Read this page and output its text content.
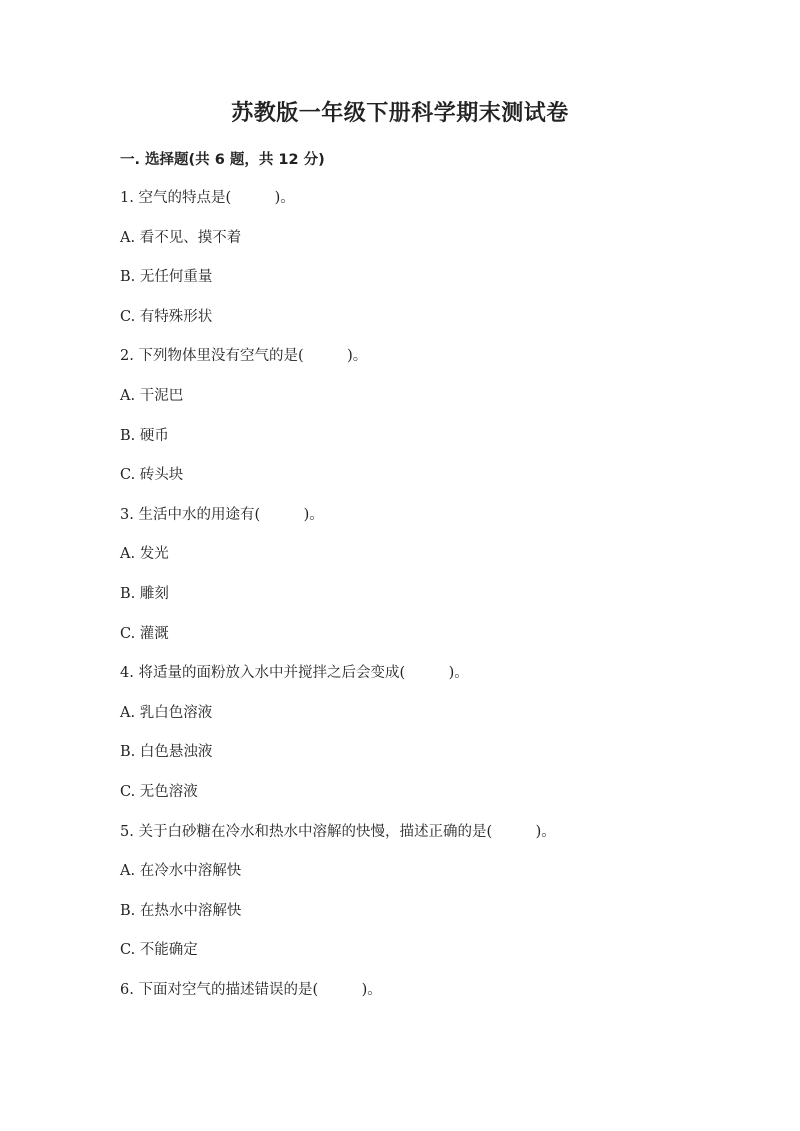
苏教版一年级下册科学期末测试卷
一. 选择题(共 6 题，共 12 分)
1. 空气的特点是(　　　)。
A. 看不见、摸不着
B. 无任何重量
C. 有特殊形状
2. 下列物体里没有空气的是(　　　)。
A. 干泥巴
B. 硬币
C. 砖头块
3. 生活中水的用途有(　　　)。
A. 发光
B. 雕刻
C. 灌溉
4. 将适量的面粉放入水中并搅拌之后会变成(　　　)。
A. 乳白色溶液
B. 白色悬浊液
C. 无色溶液
5. 关于白砂糖在冷水和热水中溶解的快慢，描述正确的是(　　　)。
A. 在冷水中溶解快
B. 在热水中溶解快
C. 不能确定
6. 下面对空气的描述错误的是(　　　)。
